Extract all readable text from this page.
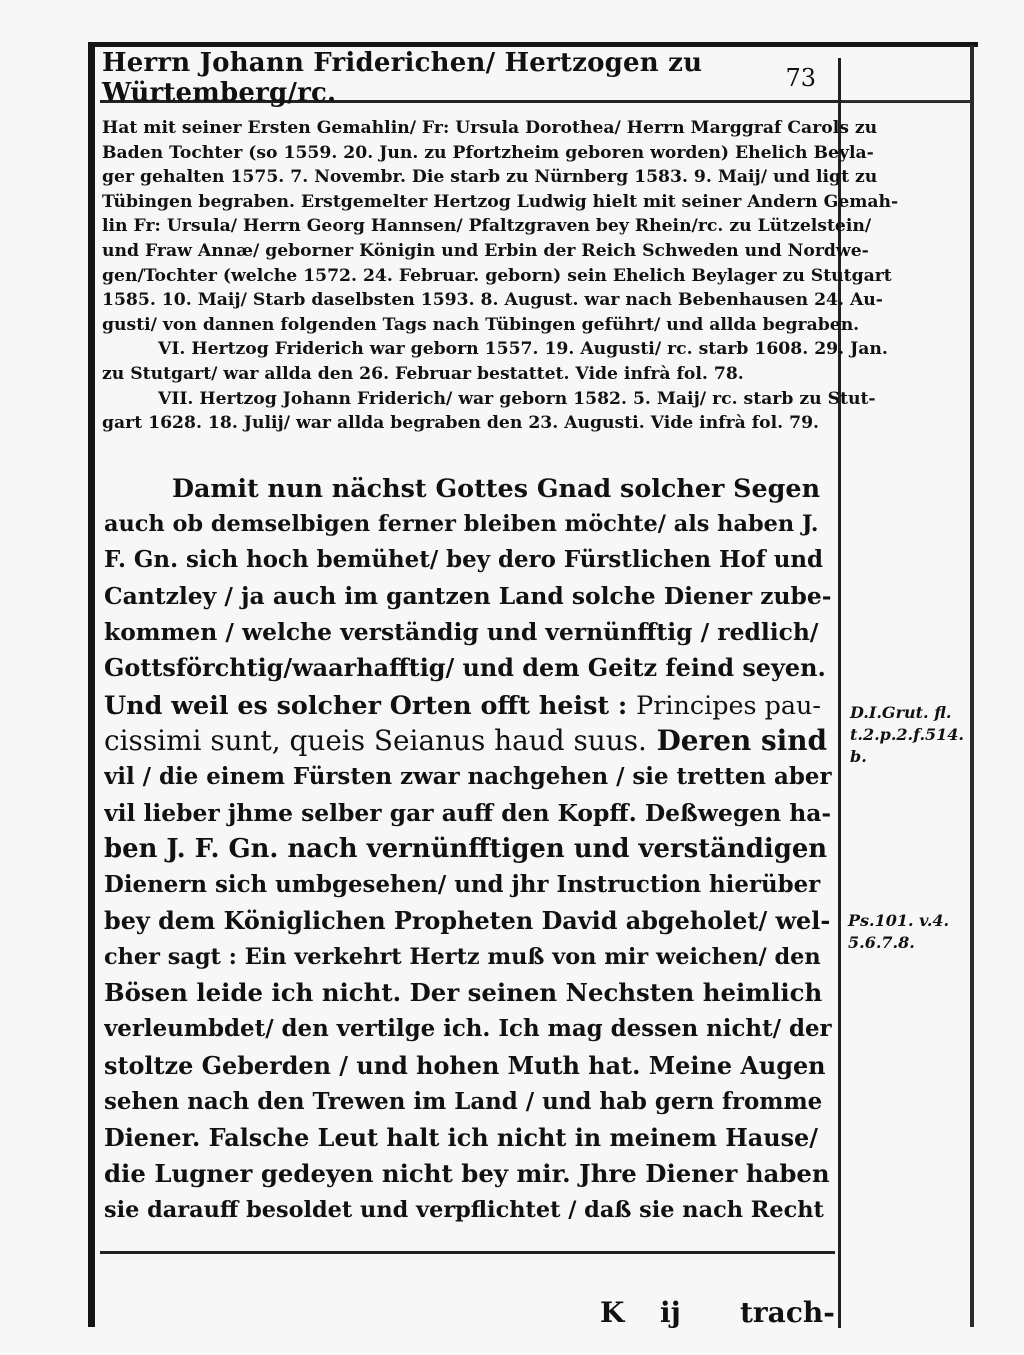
Herrn Johann Friderichen/ Hertzogen zu Würtemberg/rc.	73
Hat mit seiner Ersten Gemahlin/ Fr: Ursula Dorothea/ Herrn Marggraf Carols zu
Baden Tochter (so 1559. 20. Jun. zu Pfortzheim geboren worden) Ehelich Beyla-
ger gehalten 1575. 7. Novembr. Die starb zu Nürnberg 1583. 9. Maij/ und ligt zu
Tübingen begraben. Erstgemelter Hertzog Ludwig hielt mit seiner Andern Gemah-
lin Fr: Ursula/ Herrn Georg Hannsen/ Pfaltzgraven bey Rhein/rc. zu Lützelstein/
und Fraw Annæ/ geborner Königin und Erbin der Reich Schweden und Nordwe-
gen/Tochter (welche 1572. 24. Februar. geborn) sein Ehelich Beylager zu Stutgart
1585. 10. Maij/ Starb daselbsten 1593. 8. August. war nach Bebenhausen 24. Au-
gusti/ von dannen folgenden Tags nach Tübingen geführt/ und allda begraben.
VI. Hertzog Friderich war geborn 1557. 19. Augusti/ rc. starb 1608. 29. Jan.
zu Stutgart/ war allda den 26. Februar bestattet. Vide infrà fol. 78.
VII. Hertzog Johann Friderich/ war geborn 1582. 5. Maij/ rc. starb zu Stut-
gart 1628. 18. Julij/ war allda begraben den 23. Augusti. Vide infrà fol. 79.
Damit nun nächst Gottes Gnad solcher Segen
auch ob demselbigen ferner bleiben möchte/ als haben J.
F. Gn. sich hoch bemühet/ bey dero Fürstlichen Hof und
Cantzley / ja auch im gantzen Land solche Diener zube-
kommen / welche verständig und vernünfftig / redlich/
Gottsförchtig/waarhafftig/ und dem Geitz feind seyen.
Und weil es solcher Orten offt heist : Principes pau-
cissimi sunt, queis Seianus haud suus. Deren sind
vil / die einem Fürsten zwar nachgehen / sie tretten aber
vil lieber jhme selber gar auff den Kopff. Deßwegen ha-
ben J. F. Gn. nach vernünfftigen und verständigen
Dienern sich umbgesehen/ und jhr Instruction hierüber
bey dem Königlichen Propheten David abgeholet/ wel-
cher sagt : Ein verkehrt Hertz muß von mir weichen/ den
Bösen leide ich nicht. Der seinen Nechsten heimlich
verleumbdet/ den vertilge ich. Ich mag dessen nicht/ der
stoltze Geberden / und hohen Muth hat. Meine Augen
sehen nach den Trewen im Land / und hab gern fromme
Diener. Falsche Leut halt ich nicht in meinem Hause/
die Lugner gedeyen nicht bey mir. Jhre Diener haben
sie darauff besoldet und verpflichtet / daß sie nach Recht
D.I.Grut. fl.
t.2.p.2.f.514.
b.
Ps.101. v.4.
5.6.7.8.
K ij trach-
